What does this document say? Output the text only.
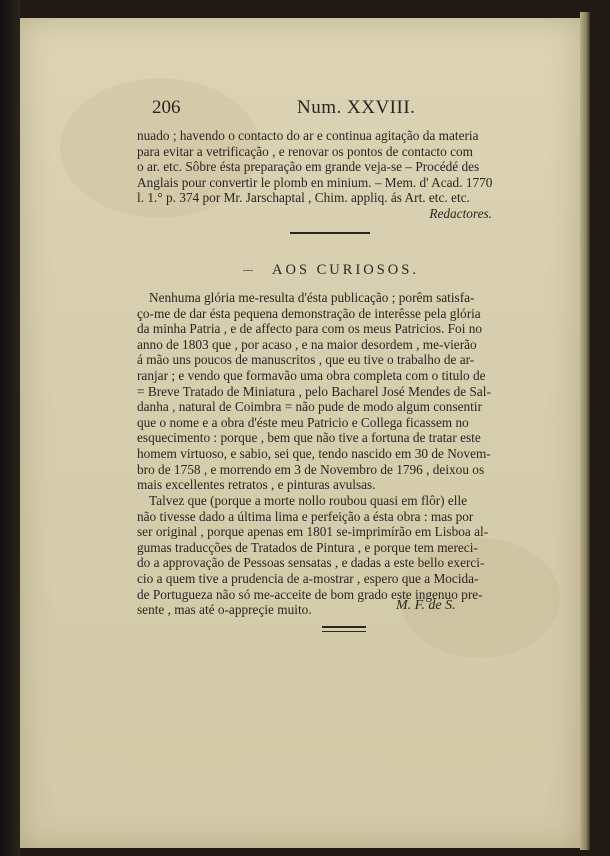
206	Num. XXVIII.
nuado ; havendo o contacto do ar e continua agitação da materia
para evitar a vetrificação , e renovar os pontos de contacto com
o ar. etc. Sôbre ésta preparação em grande veja-se – Procédé des
Anglais pour convertir le plomb en minium. – Mem. d' Acad. 1770
l. 1.° p. 374 por Mr. Jarschaptal , Chim. appliq. ás Art. etc. etc.
Redactores.
AOS CURIOSOS.
Nenhuma glória me-resulta d'ésta publicação ; porêm satisfa-
ço-me de dar ésta pequena demonstração de interêsse pela glória
da minha Patria , e de affecto para com os meus Patricios. Foi no
anno de 1803 que , por acaso , e na maior desordem , me-vierão
á mão uns poucos de manuscritos , que eu tive o trabalho de ar-
ranjar ; e vendo que formavão uma obra completa com o titulo de
= Breve Tratado de Miniatura , pelo Bacharel José Mendes de Sal-
danha , natural de Coimbra = não pude de modo algum consentir
que o nome e a obra d'éste meu Patricio e Collega ficassem no
esquecimento : porque , bem que não tive a fortuna de tratar este
homem virtuoso, e sabio, sei que, tendo nascido em 30 de Novem-
bro de 1758 , e morrendo em 3 de Novembro de 1796 , deixou os
mais excellentes retratos , e pinturas avulsas.
Talvez que (porque a morte nollo roubou quasi em flôr) elle
não tivesse dado a última lima e perfeição a ésta obra : mas por
ser original , porque apenas em 1801 se-imprimírão em Lisboa al-
gumas traducções de Tratados de Pintura , e porque tem mereci-
do a approvação de Pessoas sensatas , e dadas a este bello exerci-
cio a quem tive a prudencia de a-mostrar , espero que a Mocida-
de Portugueza não só me-acceite de bom grado este ingenuo pre-
sente , mas até o-appreçie muito.	M. F. de S.
